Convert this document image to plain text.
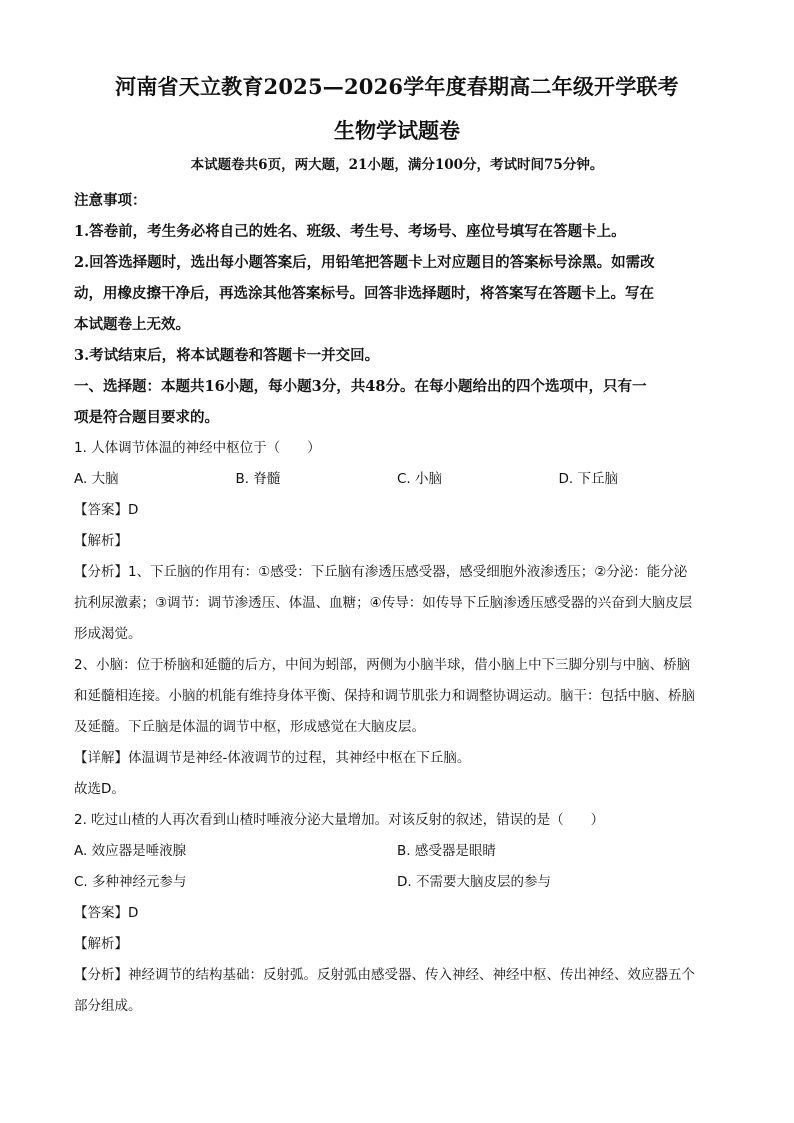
河南省天立教育2025—2026学年度春期高二年级开学联考
生物学试题卷
本试题卷共6页，两大题，21小题，满分100分，考试时间75分钟。

注意事项：

1.答卷前，考生务必将自己的姓名、班级、考生号、考场号、座位号填写在答题卡上。

2.回答选择题时，选出每小题答案后，用铅笔把答题卡上对应题目的答案标号涂黑。如需改

动，用橡皮擦干净后，再选涂其他答案标号。回答非选择题时，将答案写在答题卡上。写在

本试题卷上无效。

3.考试结束后，将本试题卷和答题卡一并交回。

一、选择题：本题共16小题，每小题3分，共48分。在每小题给出的四个选项中，只有一

项是符合题目要求的。

1. 人体调节体温的神经中枢位于（　　）

A. 大脑	B. 脊髓	C. 小脑	D. 下丘脑

【答案】D

【解析】

【分析】1、下丘脑的作用有：①感受：下丘脑有渗透压感受器，感受细胞外液渗透压；②分泌：能分泌

抗利尿激素；③调节：调节渗透压、体温、血糖；④传导：如传导下丘脑渗透压感受器的兴奋到大脑皮层

形成渴觉。

2、小脑：位于桥脑和延髓的后方，中间为蚓部，两侧为小脑半球，借小脑上中下三脚分别与中脑、桥脑

和延髓相连接。小脑的机能有维持身体平衡、保持和调节肌张力和调整协调运动。脑干：包括中脑、桥脑

及延髓。下丘脑是体温的调节中枢，形成感觉在大脑皮层。

【详解】体温调节是神经-体液调节的过程，其神经中枢在下丘脑。

故选D。

2. 吃过山楂的人再次看到山楂时唾液分泌大量增加。对该反射的叙述，错误的是（　　）

A. 效应器是唾液腺	B. 感受器是眼睛
C. 多种神经元参与	D. 不需要大脑皮层的参与

【答案】D

【解析】

【分析】神经调节的结构基础：反射弧。反射弧由感受器、传入神经、神经中枢、传出神经、效应器五个

部分组成。
